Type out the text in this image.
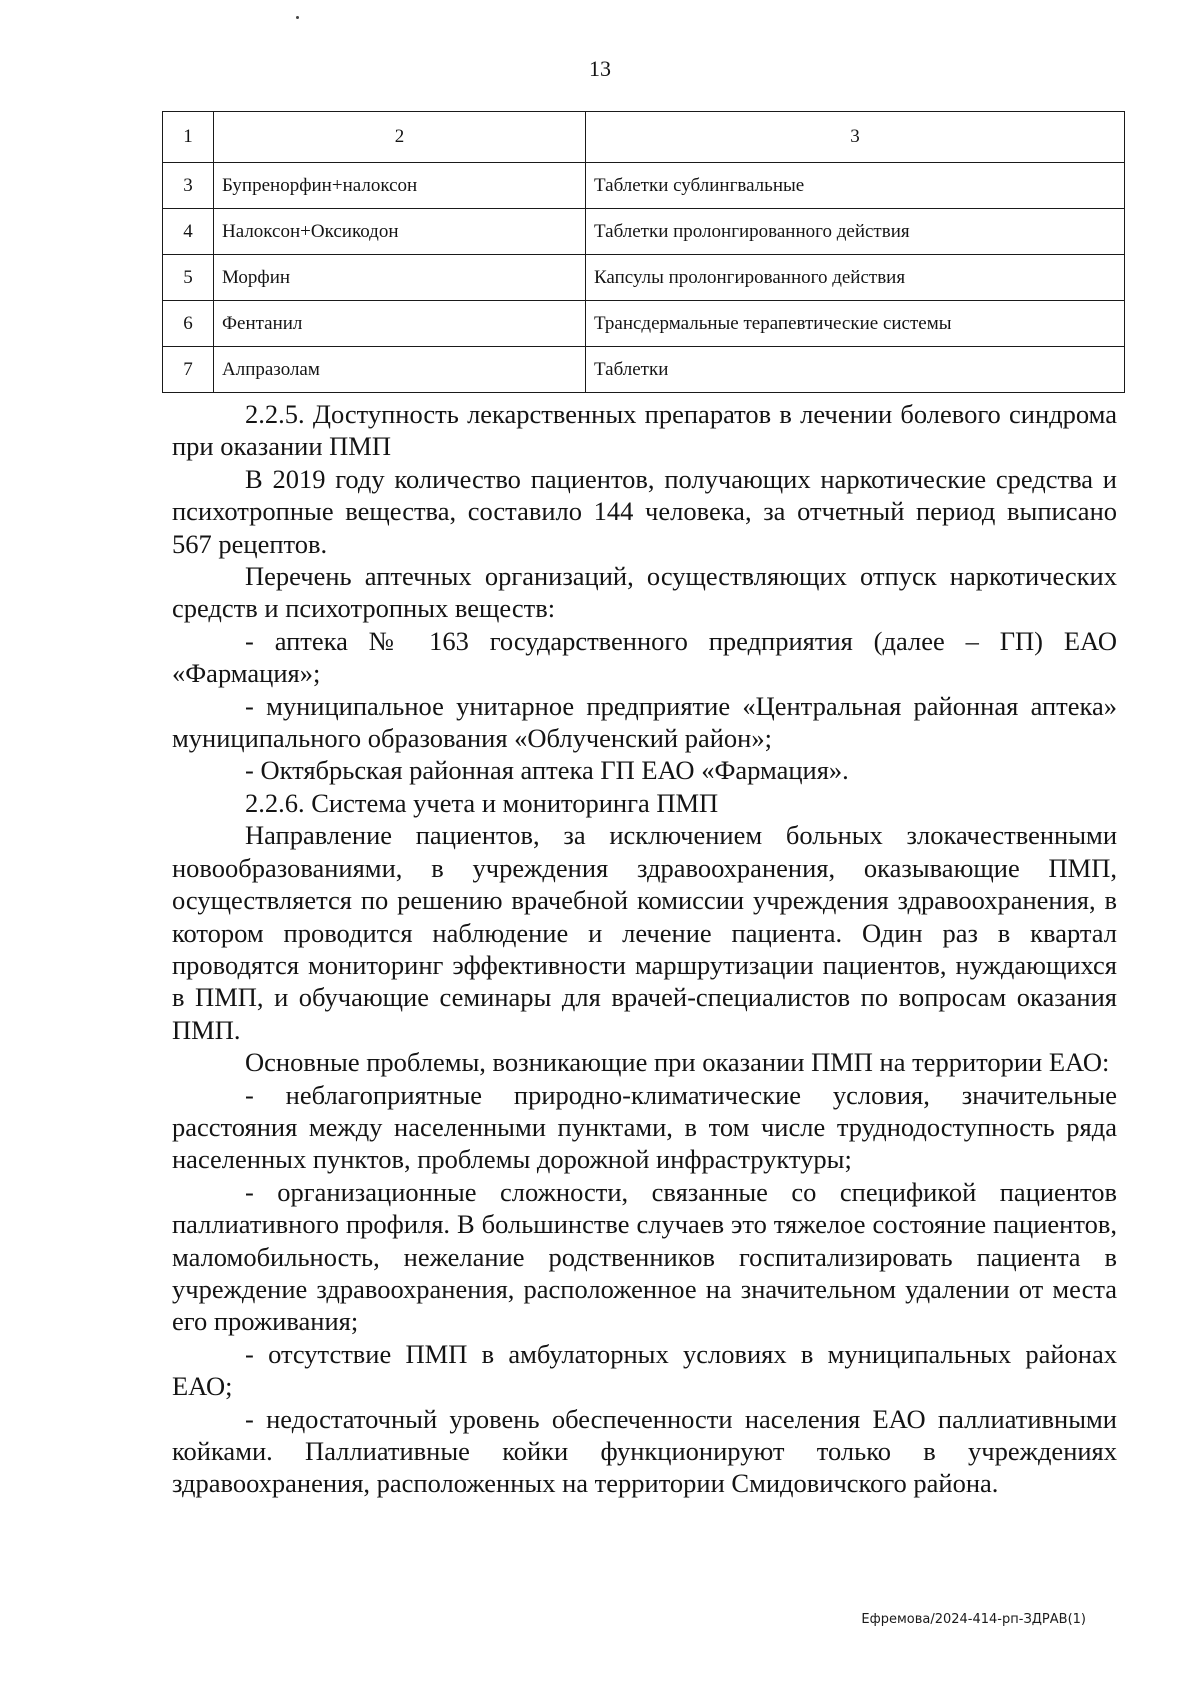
13
1	2	3
3	Бупренорфин+налоксон	Таблетки сублингвальные
4	Налоксон+Оксикодон	Таблетки пролонгированного действия
5	Морфин	Капсулы пролонгированного действия
6	Фентанил	Трансдермальные терапевтические системы
7	Алпразолам	Таблетки

2.2.5. Доступность лекарственных препаратов в лечении болевого синдрома при оказании ПМП

В 2019 году количество пациентов, получающих наркотические средства и психотропные вещества, составило 144 человека, за отчетный период выписано 567 рецептов.

Перечень аптечных организаций, осуществляющих отпуск наркотических средств и психотропных веществ:

- аптека № 163 государственного предприятия (далее – ГП) ЕАО «Фармация»;

- муниципальное унитарное предприятие «Центральная районная аптека» муниципального образования «Облученский район»;

- Октябрьская районная аптека ГП ЕАО «Фармация».

2.2.6. Система учета и мониторинга ПМП

Направление пациентов, за исключением больных злокачественными новообразованиями, в учреждения здравоохранения, оказывающие ПМП, осуществляется по решению врачебной комиссии учреждения здравоохранения, в котором проводится наблюдение и лечение пациента. Один раз в квартал проводятся мониторинг эффективности маршрутизации пациентов, нуждающихся в ПМП, и обучающие семинары для врачей-специалистов по вопросам оказания ПМП.

Основные проблемы, возникающие при оказании ПМП на территории ЕАО:

- неблагоприятные природно-климатические условия, значительные расстояния между населенными пунктами, в том числе труднодоступность ряда населенных пунктов, проблемы дорожной инфраструктуры;

- организационные сложности, связанные со спецификой пациентов паллиативного профиля. В большинстве случаев это тяжелое состояние пациентов, маломобильность, нежелание родственников госпитализировать пациента в учреждение здравоохранения, расположенное на значительном удалении от места его проживания;

- отсутствие ПМП в амбулаторных условиях в муниципальных районах ЕАО;

- недостаточный уровень обеспеченности населения ЕАО паллиативными койками. Паллиативные койки функционируют только в учреждениях здравоохранения, расположенных на территории Смидовичского района.

Ефремова/2024-414-рп-ЗДРАВ(1)
